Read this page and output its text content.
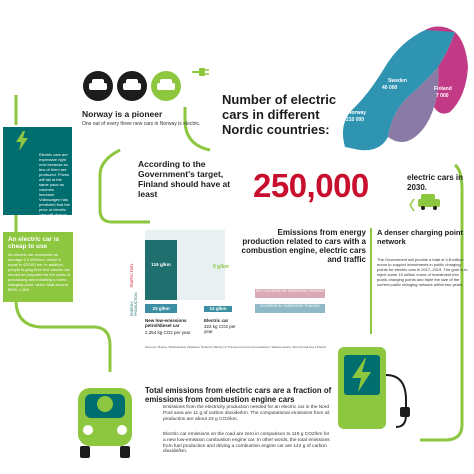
Norway is a pioneer
One out of every three new cars in Norway is electric.
Sweden
40 000	Finland
7 000
Norway
210 000
Number of electric cars in different Nordic countries:
Electric cars are expensive right now because so few of them are produced. Prices will fall at the same pace as volumes increase. Volkswagen has predicted that the price of electric cars will drop to the same level as combustion engine cars by
According to the Government's target, Finland should have at least	250,000	electric cars in 2030.
An electric car is cheap to use
An electric car consumes on average 0.2 kWh/km, which is equal to €2/100 km. In addition, people buying their first electric car should be prepared for the costs of purchasing and installing a home-charging point, which total around €500–1,500.
Emissions from energy production related to cars with a combustion engine, electric cars and traffic
TRAFFIC FUEL
ENERGY PRODUCTION
119 g/km
23 g/km
0 g/km
14 g/km
NOT COVERED BY EMISSIONS TRADING
COVERED BY EMISSIONS TRADING
New low-emissions petrol/diesel car
2,354 kg CO2 per year
Electric car
323 kg CO2 per year
Sources: Motiva; Tilastokeskus (Statistics Finland); Ministry of Transport and Communications; Valtioneuvosto; Sitra (Fossil-free Finland)
A denser charging point network
The Government will provide a total of 4.8 million euros to support investments in public charging points for electric cars in 2017–2019. The goal is to inject some 15 million euros of investment into public charging points and triple the size of the current public charging network within two years.
Total emissions from electric cars are a fraction of emissions from combustion engine cars
Emissions from the electricity production needed for an electric car in the Nord Pool area are 11 g of carbon dioxide/km. The computational emissions from oil production are about 23 g CO2/km.
Electric car emissions on the road are zero in comparison to 119 g CO2/km for a new low-emission combustion engine car. In other words, the total emissions from fuel production and driving a combustion engine car are 142 g of carbon dioxide/km.
